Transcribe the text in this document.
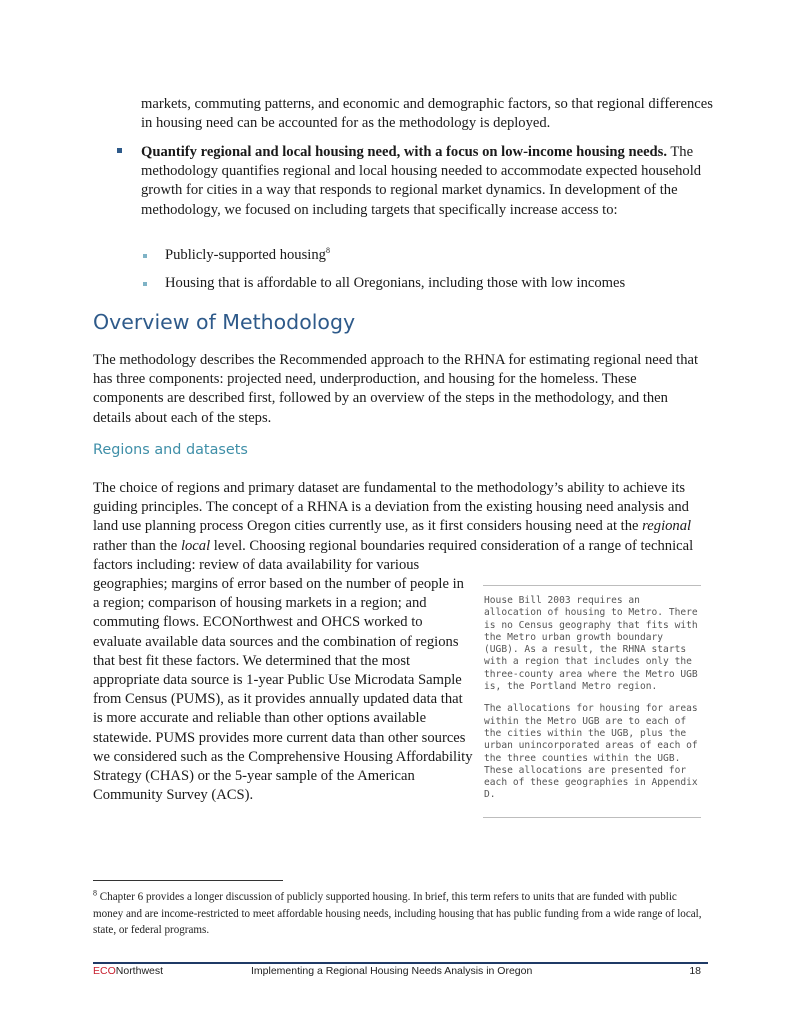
markets, commuting patterns, and economic and demographic factors, so that regional differences in housing need can be accounted for as the methodology is deployed.

Quantify regional and local housing need, with a focus on low-income housing needs. The methodology quantifies regional and local housing needed to accommodate expected household growth for cities in a way that responds to regional market dynamics. In development of the methodology, we focused on including targets that specifically increase access to:
Publicly-supported housing$^8$
Housing that is affordable to all Oregonians, including those with low incomes
Overview of Methodology

The methodology describes the Recommended approach to the RHNA for estimating regional need that has three components: projected need, underproduction, and housing for the homeless. These components are described first, followed by an overview of the steps in the methodology, and then details about each of the steps.

Regions and datasets

The choice of regions and primary dataset are fundamental to the methodology’s ability to achieve its guiding principles. The concept of a RHNA is a deviation from the existing housing need analysis and land use planning process Oregon cities currently use, as it first considers housing need at the regional rather than the local level. Choosing regional boundaries required consideration of a range of technical factors including: review of data availability for various

geographies; margins of error based on the number of people in a region; comparison of housing markets in a region; and commuting flows. ECONorthwest and OHCS worked to evaluate available data sources and the combination of regions that best fit these factors. We determined that the most appropriate data source is 1-year Public Use Microdata Sample from Census (PUMS), as it provides annually updated data that is more accurate and reliable than other options available statewide. PUMS provides more current data than other sources we considered such as the Comprehensive Housing Affordability Strategy (CHAS) or the 5-year sample of the American Community Survey (ACS).

House Bill 2003 requires an allocation of housing to Metro. There is no Census geography that fits with the Metro urban growth boundary (UGB). As a result, the RHNA starts with a region that includes only the three-county area where the Metro UGB is, the Portland Metro region.

The allocations for housing for areas within the Metro UGB are to each of the cities within the UGB, plus the urban unincorporated areas of each of the three counties within the UGB. These allocations are presented for each of these geographies in Appendix D.

$^8$ Chapter 6 provides a longer discussion of publicly supported housing. In brief, this term refers to units that are funded with public money and are income-restricted to meet affordable housing needs, including housing that has public funding from a wide range of local, state, or federal programs.

ECONorthwest	Implementing a Regional Housing Needs Analysis in Oregon	18
